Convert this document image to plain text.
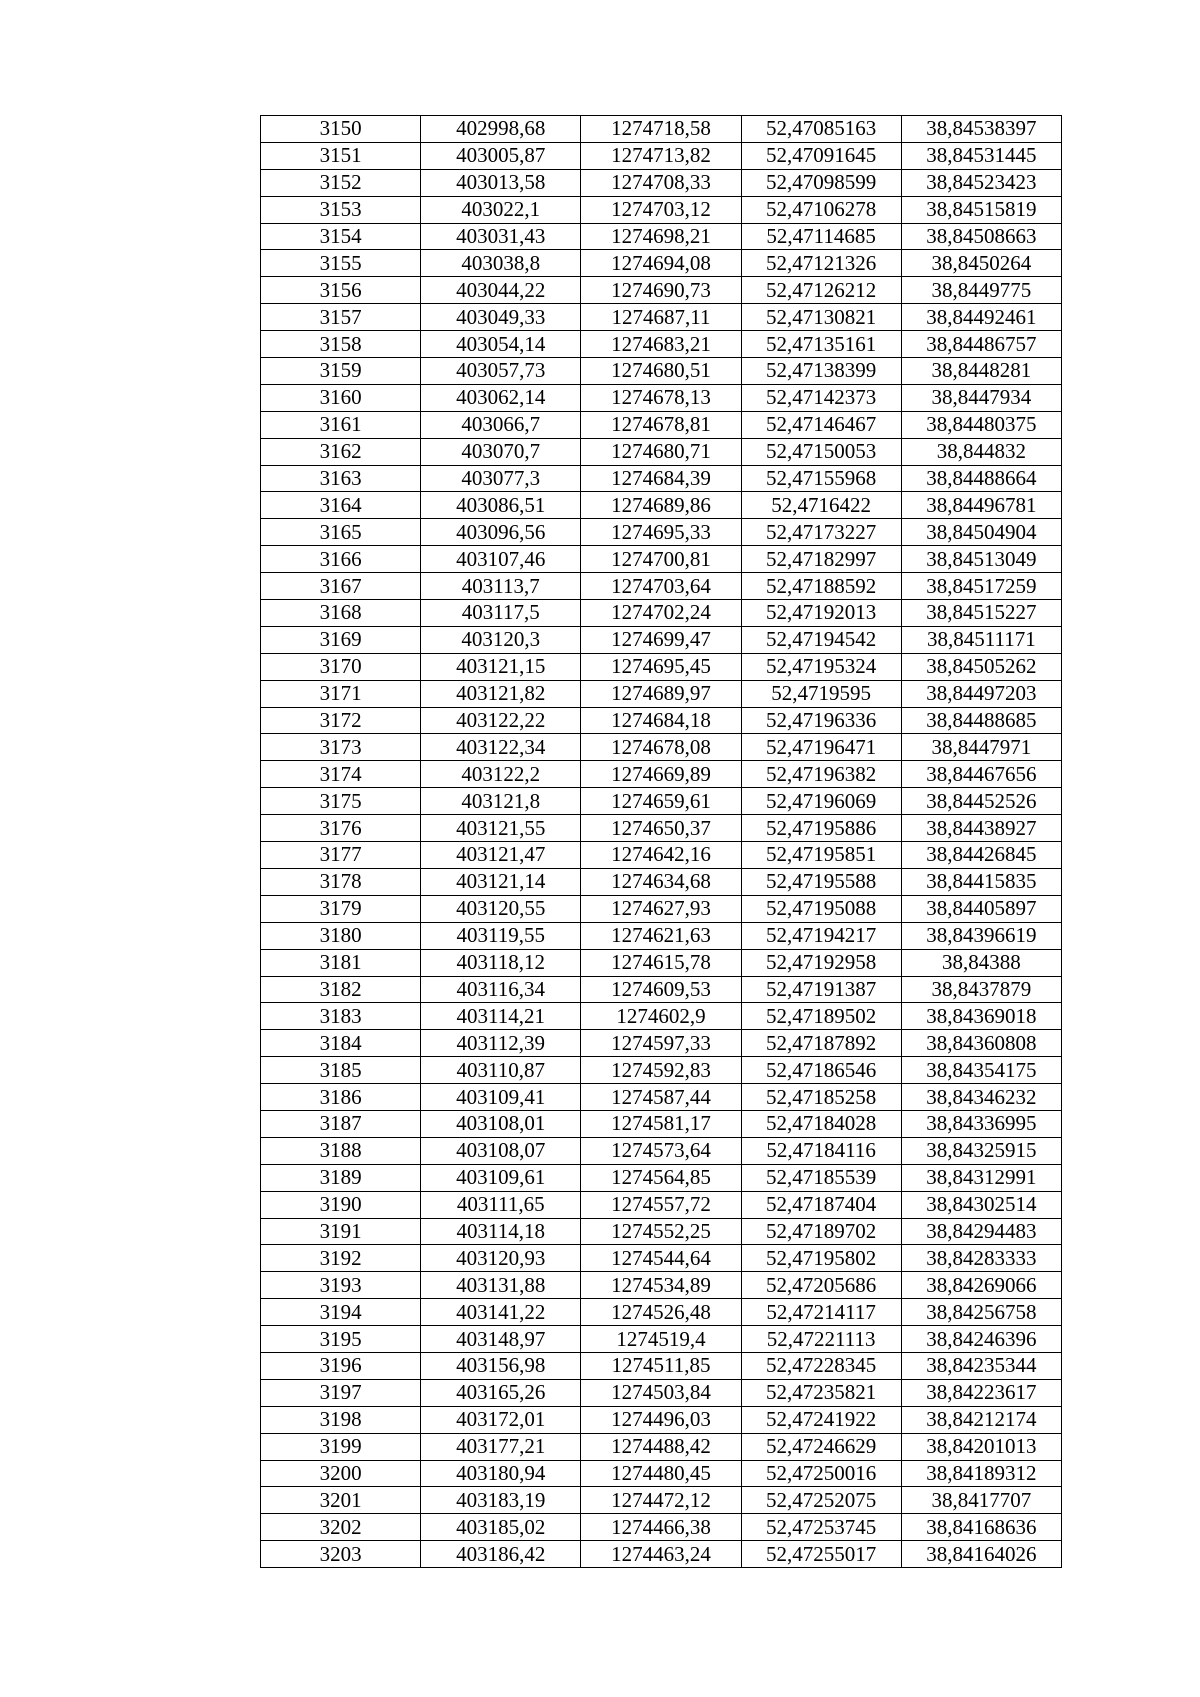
3150	402998,68	1274718,58	52,47085163	38,84538397
3151	403005,87	1274713,82	52,47091645	38,84531445
3152	403013,58	1274708,33	52,47098599	38,84523423
3153	403022,1	1274703,12	52,47106278	38,84515819
3154	403031,43	1274698,21	52,47114685	38,84508663
3155	403038,8	1274694,08	52,47121326	38,8450264
3156	403044,22	1274690,73	52,47126212	38,8449775
3157	403049,33	1274687,11	52,47130821	38,84492461
3158	403054,14	1274683,21	52,47135161	38,84486757
3159	403057,73	1274680,51	52,47138399	38,8448281
3160	403062,14	1274678,13	52,47142373	38,8447934
3161	403066,7	1274678,81	52,47146467	38,84480375
3162	403070,7	1274680,71	52,47150053	38,844832
3163	403077,3	1274684,39	52,47155968	38,84488664
3164	403086,51	1274689,86	52,4716422	38,84496781
3165	403096,56	1274695,33	52,47173227	38,84504904
3166	403107,46	1274700,81	52,47182997	38,84513049
3167	403113,7	1274703,64	52,47188592	38,84517259
3168	403117,5	1274702,24	52,47192013	38,84515227
3169	403120,3	1274699,47	52,47194542	38,84511171
3170	403121,15	1274695,45	52,47195324	38,84505262
3171	403121,82	1274689,97	52,4719595	38,84497203
3172	403122,22	1274684,18	52,47196336	38,84488685
3173	403122,34	1274678,08	52,47196471	38,8447971
3174	403122,2	1274669,89	52,47196382	38,84467656
3175	403121,8	1274659,61	52,47196069	38,84452526
3176	403121,55	1274650,37	52,47195886	38,84438927
3177	403121,47	1274642,16	52,47195851	38,84426845
3178	403121,14	1274634,68	52,47195588	38,84415835
3179	403120,55	1274627,93	52,47195088	38,84405897
3180	403119,55	1274621,63	52,47194217	38,84396619
3181	403118,12	1274615,78	52,47192958	38,84388
3182	403116,34	1274609,53	52,47191387	38,8437879
3183	403114,21	1274602,9	52,47189502	38,84369018
3184	403112,39	1274597,33	52,47187892	38,84360808
3185	403110,87	1274592,83	52,47186546	38,84354175
3186	403109,41	1274587,44	52,47185258	38,84346232
3187	403108,01	1274581,17	52,47184028	38,84336995
3188	403108,07	1274573,64	52,47184116	38,84325915
3189	403109,61	1274564,85	52,47185539	38,84312991
3190	403111,65	1274557,72	52,47187404	38,84302514
3191	403114,18	1274552,25	52,47189702	38,84294483
3192	403120,93	1274544,64	52,47195802	38,84283333
3193	403131,88	1274534,89	52,47205686	38,84269066
3194	403141,22	1274526,48	52,47214117	38,84256758
3195	403148,97	1274519,4	52,47221113	38,84246396
3196	403156,98	1274511,85	52,47228345	38,84235344
3197	403165,26	1274503,84	52,47235821	38,84223617
3198	403172,01	1274496,03	52,47241922	38,84212174
3199	403177,21	1274488,42	52,47246629	38,84201013
3200	403180,94	1274480,45	52,47250016	38,84189312
3201	403183,19	1274472,12	52,47252075	38,8417707
3202	403185,02	1274466,38	52,47253745	38,84168636
3203	403186,42	1274463,24	52,47255017	38,84164026
